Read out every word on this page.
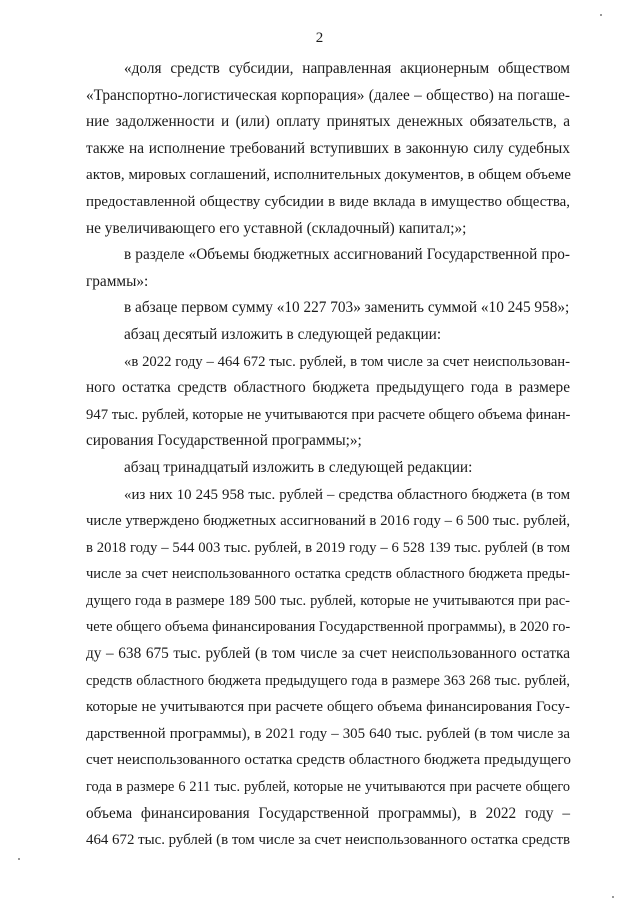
2
«доля средств субсидии, направленная акционерным обществом
«Транспортно-логистическая корпорация» (далее – общество) на погаше-
ние задолженности и (или) оплату принятых денежных обязательств, а
также на исполнение требований вступивших в законную силу судебных
актов, мировых соглашений, исполнительных документов, в общем объеме
предоставленной обществу субсидии в виде вклада в имущество общества,
не увеличивающего его уставной (складочный) капитал;»;
в разделе «Объемы бюджетных ассигнований Государственной про-
граммы»:
в абзаце первом сумму «10 227 703» заменить суммой «10 245 958»;
абзац десятый изложить в следующей редакции:
«в 2022 году – 464 672 тыс. рублей, в том числе за счет неиспользован-
ного остатка средств областного бюджета предыдущего года в размере
947 тыс. рублей, которые не учитываются при расчете общего объема финан-
сирования Государственной программы;»;
абзац тринадцатый изложить в следующей редакции:
«из них 10 245 958 тыс. рублей – средства областного бюджета (в том
числе утверждено бюджетных ассигнований в 2016 году – 6 500 тыс. рублей,
в 2018 году – 544 003 тыс. рублей, в 2019 году – 6 528 139 тыс. рублей (в том
числе за счет неиспользованного остатка средств областного бюджета преды-
дущего года в размере 189 500 тыс. рублей, которые не учитываются при рас-
чете общего объема финансирования Государственной программы), в 2020 го-
ду – 638 675 тыс. рублей (в том числе за счет неиспользованного остатка
средств областного бюджета предыдущего года в размере 363 268 тыс. рублей,
которые не учитываются при расчете общего объема финансирования Госу-
дарственной программы), в 2021 году – 305 640 тыс. рублей (в том числе за
счет неиспользованного остатка средств областного бюджета предыдущего
года в размере 6 211 тыс. рублей, которые не учитываются при расчете общего
объема финансирования Государственной программы), в 2022 году –
464 672 тыс. рублей (в том числе за счет неиспользованного остатка средств
